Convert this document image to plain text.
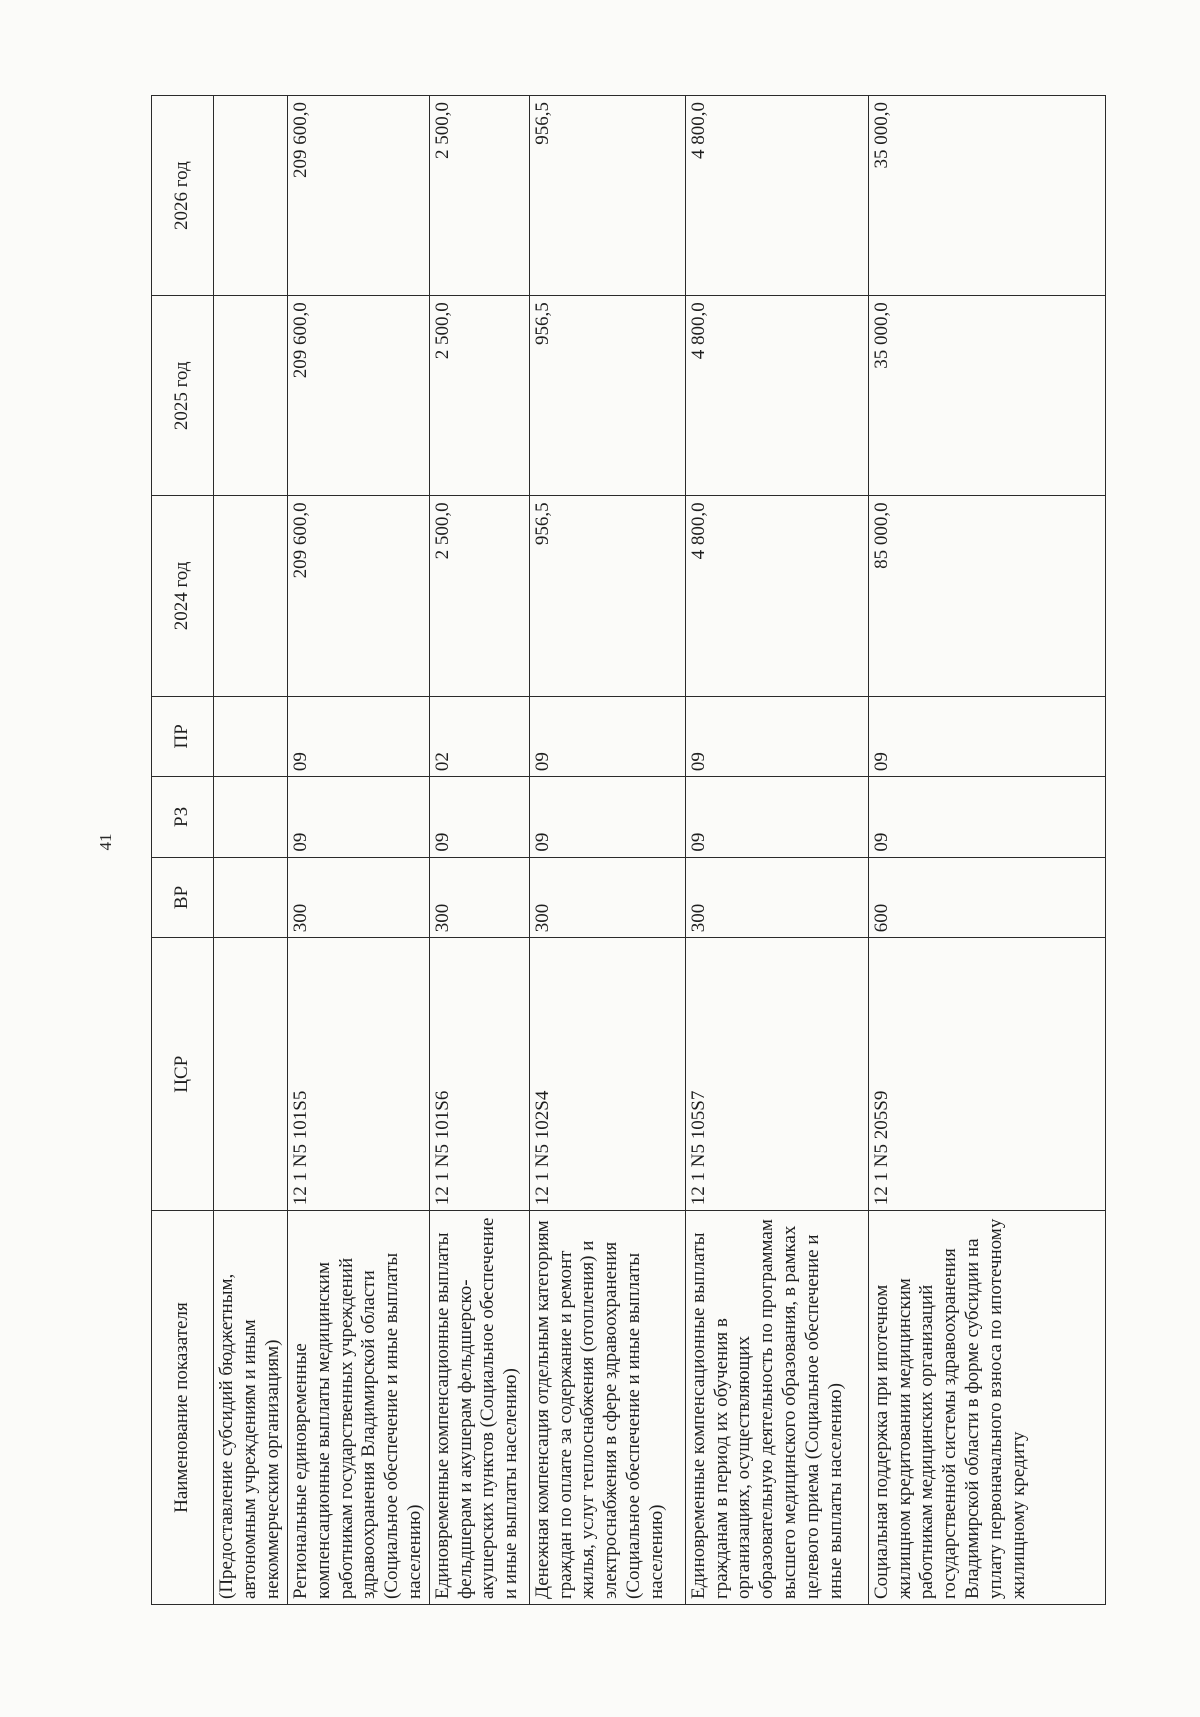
41
Наименование показателя	ЦСР	ВР	РЗ	ПР	2024 год	2025 год	2026 год
(Предоставление субсидий бюджетным, автономным учреждениям и иным некоммерческим организациям)							
Региональные единовременные компенсационные выплаты медицинским работникам государственных учреждений здравоохранения Владимирской области (Социальное обеспечение и иные выплаты населению)	12 1 N5 101S5	300	09	09	209 600,0	209 600,0	209 600,0
Единовременные компенсационные выплаты фельдшерам и акушерам фельдшерско-акушерских пунктов (Социальное обеспечение и иные выплаты населению)	12 1 N5 101S6	300	09	02	2 500,0	2 500,0	2 500,0
Денежная компенсация отдельным категориям граждан по оплате за содержание и ремонт жилья, услуг теплоснабжения (отопления) и электроснабжения в сфере здравоохранения (Социальное обеспечение и иные выплаты населению)	12 1 N5 102S4	300	09	09	956,5	956,5	956,5
Единовременные компенсационные выплаты гражданам в период их обучения в организациях, осуществляющих образовательную деятельность по программам высшего медицинского образования, в рамках целевого приема (Социальное обеспечение и иные выплаты населению)	12 1 N5 105S7	300	09	09	4 800,0	4 800,0	4 800,0
Социальная поддержка при ипотечном жилищном кредитовании медицинским работникам медицинских организаций государственной системы здравоохранения Владимирской области в форме субсидии на уплату первоначального взноса по ипотечному жилищному кредиту	12 1 N5 205S9	600	09	09	85 000,0	35 000,0	35 000,0
